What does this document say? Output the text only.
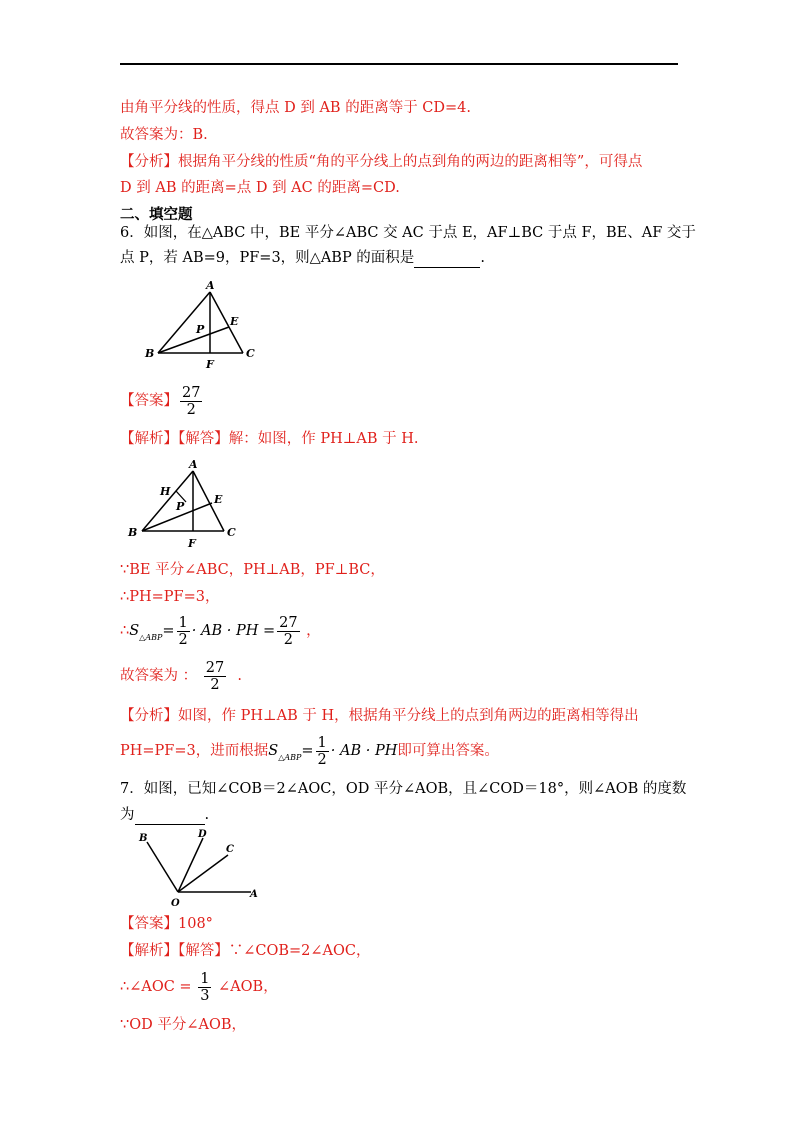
由角平分线的性质，得点 D 到 AB 的距离等于 CD=4.
故答案为：B.
【分析】根据角平分线的性质“角的平分线上的点到角的两边的距离相等”，可得点
D 到 AB 的距离=点 D 到 AC 的距离=CD.
二、填空题
6．如图，在△ABC 中，BE 平分∠ABC 交 AC 于点 E，AF⊥BC 于点 F，BE、AF 交于
点 P，若 AB=9，PF=3，则△ABP 的面积是	.
A
P
E
B
F
C
【答案】 $\frac{27}{2}$
【解析】【解答】解：如图，作 PH⊥AB 于 H.
A
H
P
E
B
F
C
∵BE 平分∠ABC，PH⊥AB，PF⊥BC，
∴PH=PF=3，
$\therefore S_{\triangle ABP}= \frac{1}{2}$ · AB · PH = $\frac{27}{2}$ ，
故答案为 ： $\frac{27}{2}$ .
【分析】如图，作 PH⊥AB 于 H，根据角平分线上的点到角两边的距离相等得出
PH=PF=3，进而根据$S_{\triangle ABP}= \frac{1}{2}$ · AB · PH即可算出答案。
7．如图，已知∠COB＝2∠AOC，OD 平分∠AOB，且∠COD＝18°，则∠AOB 的度数
为	.
B	D
C
O
A
【答案】108°
【解析】【解答】∵∠COB=2∠AOC，
∴∠AOC = $\frac{1}{3}$ ∠AOB，
∵OD 平分∠AOB，
